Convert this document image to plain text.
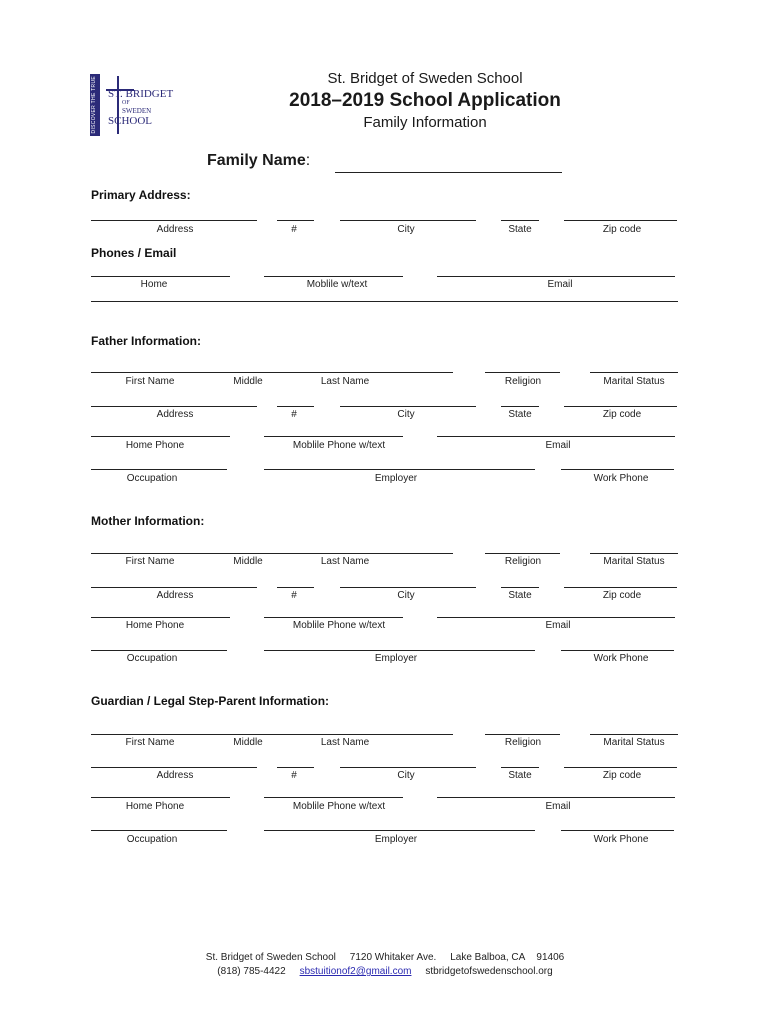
DISCOVER THE TRUE ST. BRIDGET
OF
SWEDEN
SCHOOL
St. Bridget of Sweden School
2018–2019 School Application
Family Information
Family Name:
Primary Address:
Address	#	City	State	Zip code
Phones / Email
Home	Moblile w/text	Email
Father Information:
First Name	Middle	Last Name	Religion	Marital Status
Address	#	City	State	Zip code
Home Phone	Moblile Phone w/text	Email
Occupation	Employer	Work Phone
Mother Information:
First Name	Middle	Last Name	Religion	Marital Status
Address	#	City	State	Zip code
Home Phone	Moblile Phone w/text	Email
Occupation	Employer	Work Phone
Guardian / Legal Step-Parent Information:
First Name	Middle	Last Name	Religion	Marital Status
Address	#	City	State	Zip code
Home Phone	Moblile Phone w/text	Email
Occupation	Employer	Work Phone
St. Bridget of Sweden School 7120 Whitaker Ave. Lake Balboa, CA 91406
(818) 785-4422 sbstuitionof2@gmail.com stbridgetofswedenschool.org
